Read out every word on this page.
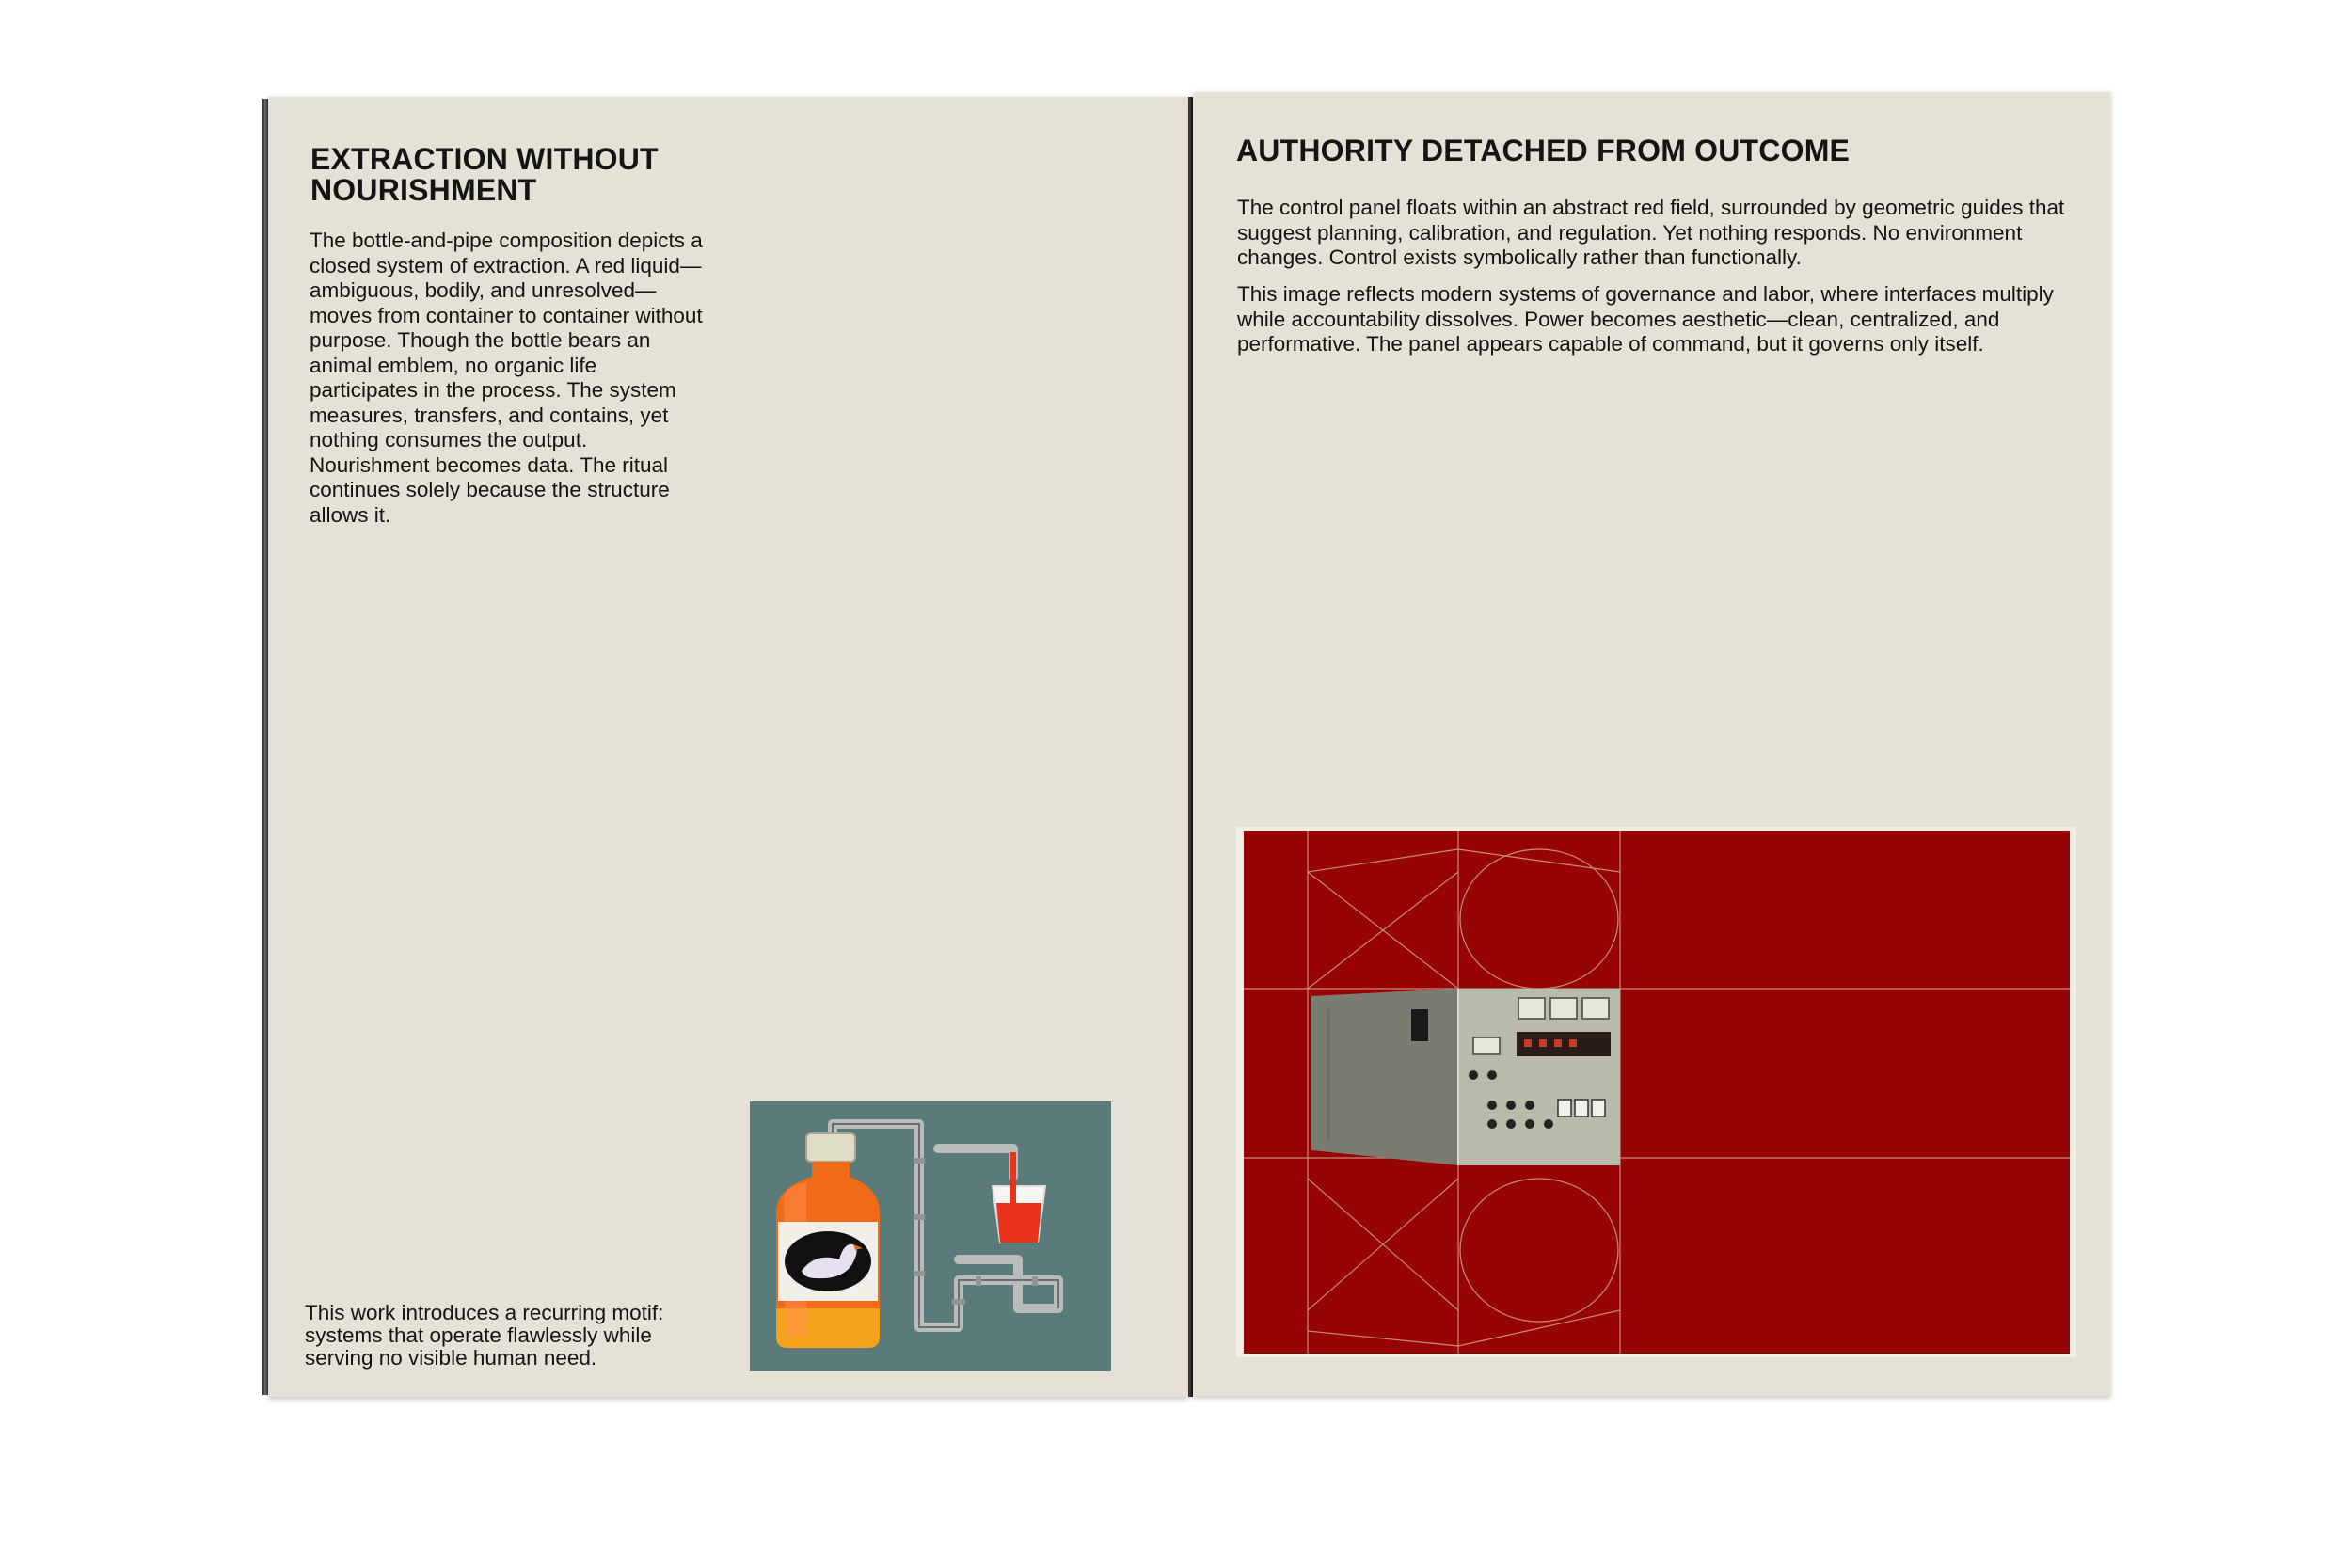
EXTRACTION WITHOUT NOURISHMENT

The bottle-and-pipe composition depicts a closed system of extraction. A red liquid—ambiguous, bodily, and unresolved—moves from container to container without purpose. Though the bottle bears an animal emblem, no organic life participates in the process. The system measures, transfers, and contains, yet nothing consumes the output. Nourishment becomes data. The ritual continues solely because the structure allows it.

This work introduces a recurring motif: systems that operate flawlessly while serving no visible human need.

AUTHORITY DETACHED FROM OUTCOME

The control panel floats within an abstract red field, surrounded by geometric guides that suggest planning, calibration, and regulation. Yet nothing responds. No environment changes. Control exists symbolically rather than functionally.

This image reflects modern systems of governance and labor, where interfaces multiply while accountability dissolves. Power becomes aesthetic—clean, centralized, and performative. The panel appears capable of command, but it governs only itself.
